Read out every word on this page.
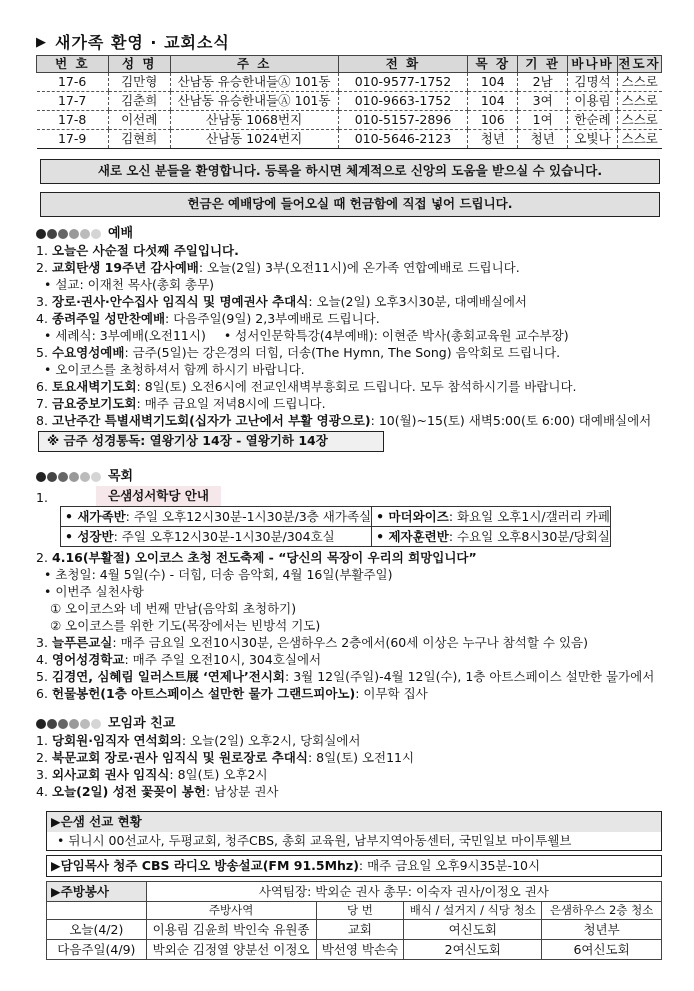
▶ 새가족 환영 · 교회소식
번 호	성 명	주 소	전 화	목 장	기 관	바나바	전도자
17-6	김만형	산남동 유승한내들Ⓐ 101동	010-9577-1752	104	2남	김명석	스스로
17-7	김춘희	산남동 유승한내들Ⓐ 101동	010-9663-1752	104	3여	이용림	스스로
17-8	이선례	산남동 1068번지	010-5157-2896	106	1여	한순례	스스로
17-9	김현희	산남동 1024번지	010-5646-2123	청년	청년	오빛나	스스로
새로 오신 분들을 환영합니다. 등록을 하시면 체계적으로 신앙의 도움을 받으실 수 있습니다.
헌금은 예배당에 들어오실 때 헌금함에 직접 넣어 드립니다.
예배
1. 오늘은 사순절 다섯째 주일입니다.
2. 교회탄생 19주년 감사예배 : 오늘(2일) 3부(오전11시)에 온가족 연합예배로 드립니다.
• 설교: 이재천 목사(총회 총무)
3. 장로·권사·안수집사 임직식 및 명예권사 추대식 : 오늘(2일) 오후3시30분, 대예배실에서
4. 종려주일 성만찬예배 : 다음주일(9일) 2,3부예배로 드립니다.
• 세례식: 3부예배(오전11시) • 성서인문학특강(4부예배): 이현준 박사(총회교육원 교수부장)
5. 수요영성예배 : 금주(5일)는 강은경의 더힘, 더송(The Hymn, The Song) 음악회로 드립니다.
• 오이코스를 초청하셔서 함께 하시기 바랍니다.
6. 토요새벽기도회 : 8일(토) 오전6시에 전교인새벽부흥회로 드립니다. 모두 참석하시기를 바랍니다.
7. 금요중보기도회 : 매주 금요일 저녁8시에 드립니다.
8. 고난주간 특별새벽기도회(십자가 고난에서 부활 영광으로) : 10(월)~15(토) 새벽5:00(토 6:00) 대예배실에서
※ 금주 성경통독: 열왕기상 14장 - 열왕기하 14장
목회
1.	은샘성서학당 안내
• 새가족반: 주일 오후12시30분-1시30분/3층 새가족실	• 마더와이즈: 화요일 오후1시/갤러리 카페
• 성장반: 주일 오후12시30분-1시30분/304호실	• 제자훈련반: 수요일 오후8시30분/당회실
2. 4.16(부활절) 오이코스 초청 전도축제 - “당신의 목장이 우리의 희망입니다”
• 초청일: 4월 5일(수) - 더힘, 더송 음악회, 4월 16일(부활주일)
• 이번주 실천사항
① 오이코스와 네 번째 만남(음악회 초청하기)
② 오이코스를 위한 기도(목장에서는 빈방석 기도)
3. 늘푸른교실 : 매주 금요일 오전10시30분, 은샘하우스 2층에서(60세 이상은 누구나 참석할 수 있음)
4. 영어성경학교 : 매주 주일 오전10시, 304호실에서
5. 김경연, 심혜림 일러스트展 ‘연제나’전시회 : 3월 12일(주일)-4월 12일(수), 1층 아트스페이스 설만한 물가에서
6. 헌물봉헌(1층 아트스페이스 설만한 물가 그랜드피아노) : 이무학 집사
모임과 친교
1. 당회원·임직자 연석회의 : 오늘(2일) 오후2시, 당회실에서
2. 북문교회 장로·권사 임직식 및 원로장로 추대식 : 8일(토) 오전11시
3. 외사교회 권사 임직식 : 8일(토) 오후2시
4. 오늘(2일) 성전 꽃꽂이 봉헌 : 남상분 권사
▶은샘 선교 현황
• 뒤니시 00선교사, 두평교회, 청주CBS, 총회 교육원, 남부지역아동센터, 국민일보 마이투웰브
▶담임목사 청주 CBS 라디오 방송설교(FM 91.5Mhz): 매주 금요일 오후9시35분-10시
▶주방봉사	사역팀장: 박외순 권사 총무: 이숙자 권사/이정오 권사			
	주방사역	당 번	배식 / 설거지 / 식당 청소	은샘하우스 2층 청소
오늘(4/2)	이용림 김윤희 박인숙 유원종	교회	여신도회	청년부
다음주일(4/9)	박외순 김정열 양분선 이정오	박선영 박손숙	2여신도회	6여신도회
